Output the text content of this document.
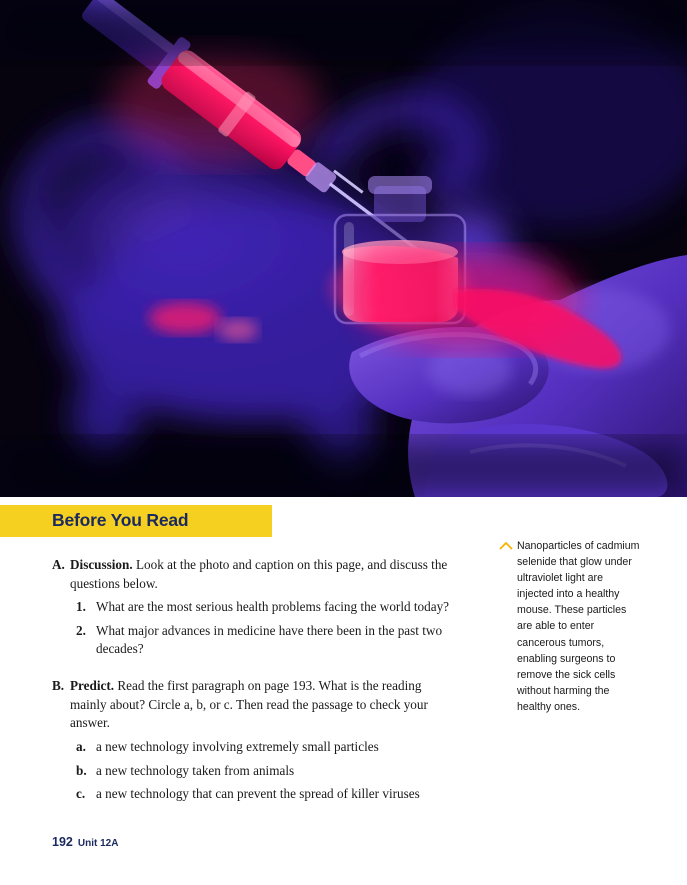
Before You Read
A. Discussion. Look at the photo and caption on this page, and discuss the questions below.
1. What are the most serious health problems facing the world today?
2. What major advances in medicine have there been in the past two decades?
B. Predict. Read the first paragraph on page 193. What is the reading mainly about? Circle a, b, or c. Then read the passage to check your answer.
a. a new technology involving extremely small particles
b. a new technology taken from animals
c. a new technology that can prevent the spread of killer viruses
Nanoparticles of cadmium selenide that glow under ultraviolet light are injected into a healthy mouse. These particles are able to enter cancerous tumors, enabling surgeons to remove the sick cells without harming the healthy ones.
192 Unit 12A
